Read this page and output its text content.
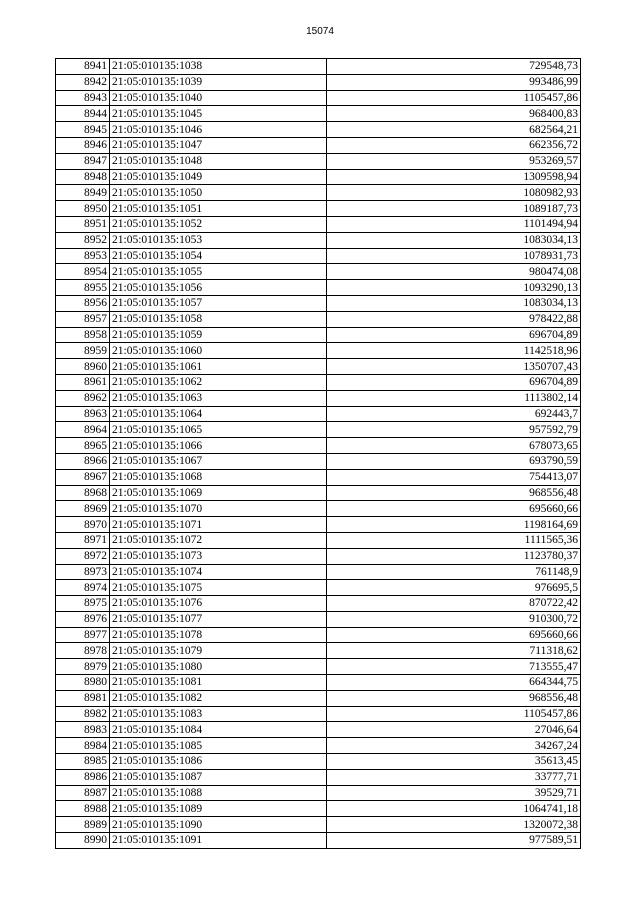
15074
8941	21:05:010135:1038	729548,73
8942	21:05:010135:1039	993486,99
8943	21:05:010135:1040	1105457,86
8944	21:05:010135:1045	968400,83
8945	21:05:010135:1046	682564,21
8946	21:05:010135:1047	662356,72
8947	21:05:010135:1048	953269,57
8948	21:05:010135:1049	1309598,94
8949	21:05:010135:1050	1080982,93
8950	21:05:010135:1051	1089187,73
8951	21:05:010135:1052	1101494,94
8952	21:05:010135:1053	1083034,13
8953	21:05:010135:1054	1078931,73
8954	21:05:010135:1055	980474,08
8955	21:05:010135:1056	1093290,13
8956	21:05:010135:1057	1083034,13
8957	21:05:010135:1058	978422,88
8958	21:05:010135:1059	696704,89
8959	21:05:010135:1060	1142518,96
8960	21:05:010135:1061	1350707,43
8961	21:05:010135:1062	696704,89
8962	21:05:010135:1063	1113802,14
8963	21:05:010135:1064	692443,7
8964	21:05:010135:1065	957592,79
8965	21:05:010135:1066	678073,65
8966	21:05:010135:1067	693790,59
8967	21:05:010135:1068	754413,07
8968	21:05:010135:1069	968556,48
8969	21:05:010135:1070	695660,66
8970	21:05:010135:1071	1198164,69
8971	21:05:010135:1072	1111565,36
8972	21:05:010135:1073	1123780,37
8973	21:05:010135:1074	761148,9
8974	21:05:010135:1075	976695,5
8975	21:05:010135:1076	870722,42
8976	21:05:010135:1077	910300,72
8977	21:05:010135:1078	695660,66
8978	21:05:010135:1079	711318,62
8979	21:05:010135:1080	713555,47
8980	21:05:010135:1081	664344,75
8981	21:05:010135:1082	968556,48
8982	21:05:010135:1083	1105457,86
8983	21:05:010135:1084	27046,64
8984	21:05:010135:1085	34267,24
8985	21:05:010135:1086	35613,45
8986	21:05:010135:1087	33777,71
8987	21:05:010135:1088	39529,71
8988	21:05:010135:1089	1064741,18
8989	21:05:010135:1090	1320072,38
8990	21:05:010135:1091	977589,51
